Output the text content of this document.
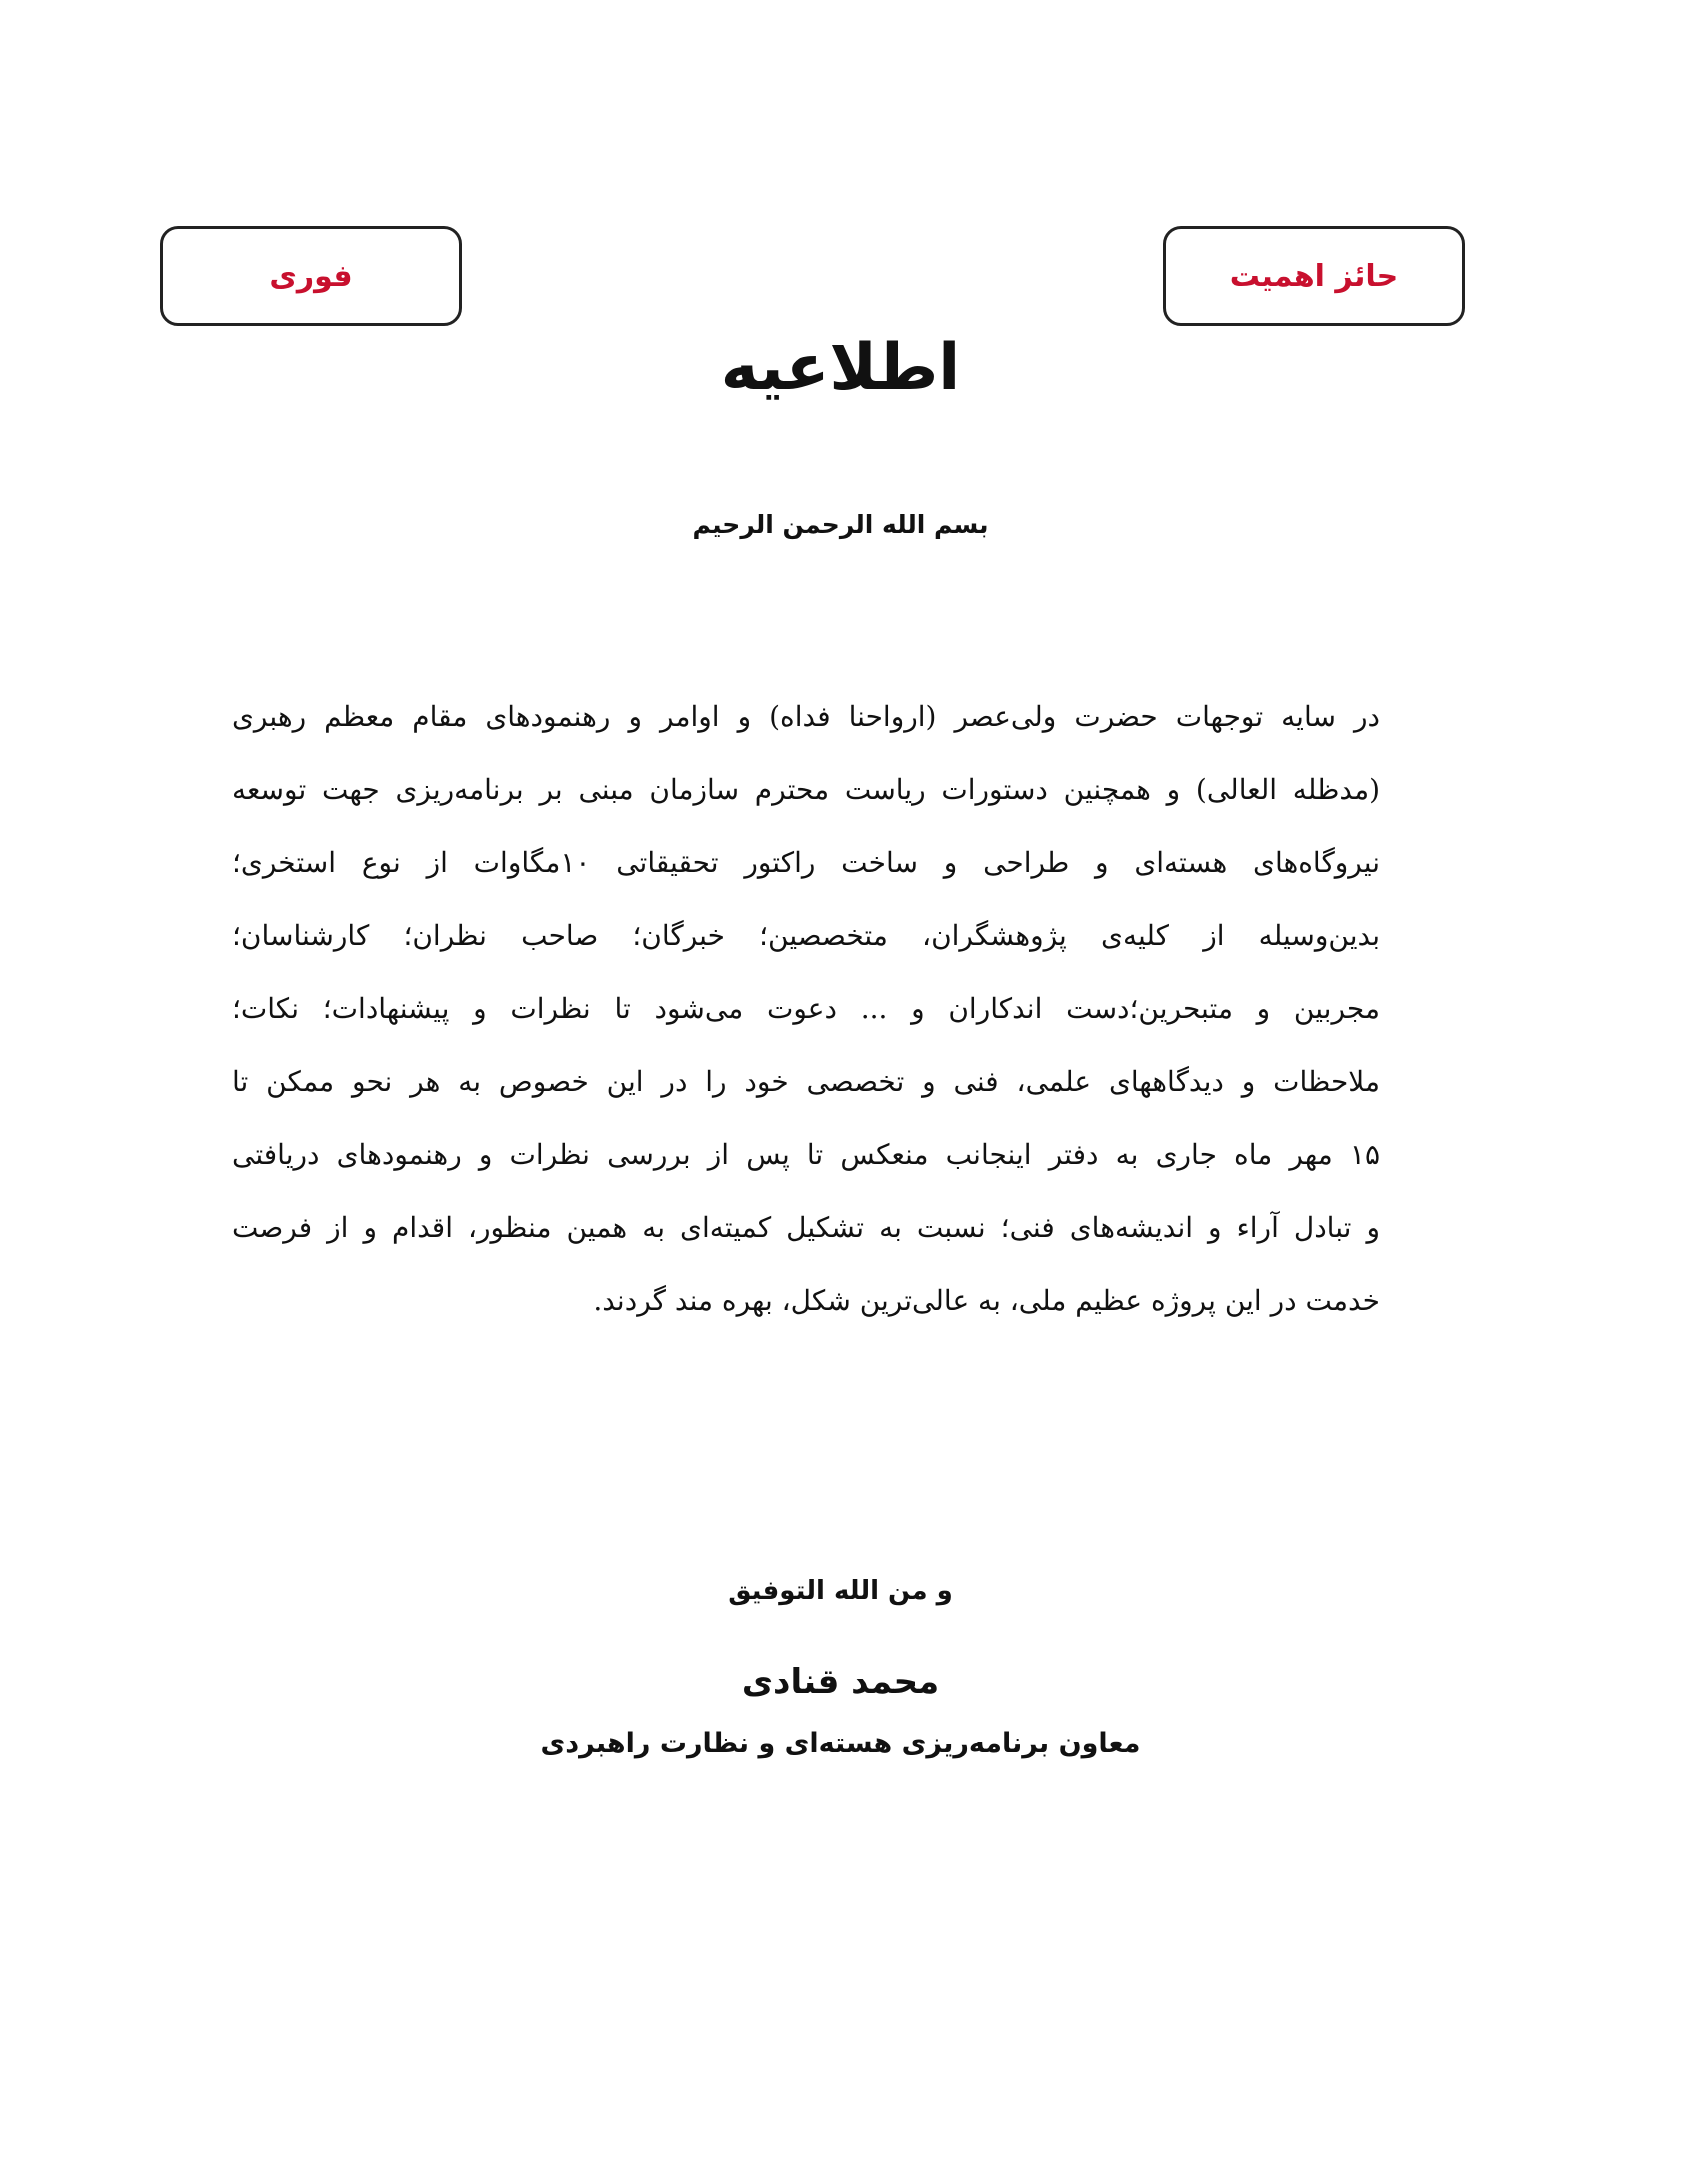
حائز اهمیت
فوری
اطلاعیه
بسم الله الرحمن الرحیم
در سایه توجهات حضرت ولی‌عصر (ارواحنا فداه) و اوامر و رهنمودهای مقام معظم رهبری
(مدظله العالی) و همچنین دستورات ریاست محترم سازمان مبنی بر برنامه‌ریزی جهت توسعه
نیروگاه‌های هسته‌ای و طراحی و ساخت راکتور تحقیقاتی ۱۰مگاوات از نوع استخری؛
بدین‌وسیله از کلیه‌ی پژوهشگران، متخصصین؛ خبرگان؛ صاحب نظران؛ کارشناسان؛
مجربین و متبحرین؛دست اندکاران و ... دعوت می‌شود تا نظرات و پیشنهادات؛ نکات؛
ملاحظات و دیدگاههای علمی، فنی و تخصصی خود را در این خصوص به هر نحو ممکن تا
۱۵ مهر ماه جاری به دفتر اینجانب منعکس تا پس از بررسی نظرات و رهنمودهای دریافتی
و تبادل آراء و اندیشه‌های فنی؛ نسبت به تشکیل کمیته‌ای به همین منظور، اقدام و از فرصت
خدمت در این پروژه عظیم ملی، به عالی‌ترین شکل، بهره مند گردند.
و من الله التوفیق
محمد قنادی
معاون برنامه‌ریزی هسته‌ای و نظارت راهبردی
